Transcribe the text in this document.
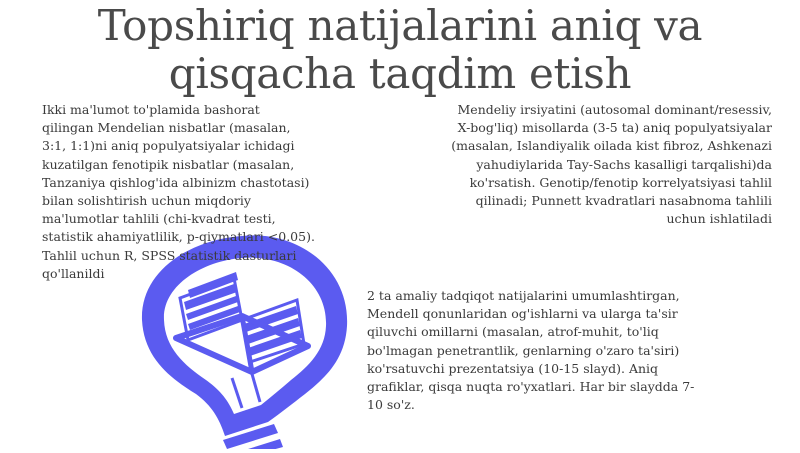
Topshiriq natijalarini aniq va
qisqacha taqdim etish

Ikki ma'lumot to'plamida bashorat
qilingan Mendelian nisbatlar (masalan,
3:1, 1:1)ni aniq populyatsiyalar ichidagi
kuzatilgan fenotipik nisbatlar (masalan,
Tanzaniya qishlog'ida albinizm chastotasi)
bilan solishtirish uchun miqdoriy
ma'lumotlar tahlili (chi-kvadrat testi,
statistik ahamiyatlilik, p-qiymatlari <0.05).
Tahlil uchun R, SPSS statistik dasturlari
qo'llanildi

Mendeliy irsiyatini (autosomal dominant/resessiv,
X-bog'liq) misollarda (3-5 ta) aniq populyatsiyalar
(masalan, Islandiyalik oilada kist fibroz, Ashkenazi
yahudiylarida Tay-Sachs kasalligi tarqalishi)da
ko'rsatish. Genotip/fenotip korrelyatsiyasi tahlil
qilinadi; Punnett kvadratlari nasabnoma tahlili
uchun ishlatiladi

2 ta amaliy tadqiqot natijalarini umumlashtirgan,
Mendell qonunlaridan og'ishlarni va ularga ta'sir
qiluvchi omillarni (masalan, atrof-muhit, to'liq
bo'lmagan penetrantlik, genlarning o'zaro ta'siri)
ko'rsatuvchi prezentatsiya (10-15 slayd). Aniq
grafiklar, qisqa nuqta ro'yxatlari. Har bir slaydda 7-
10 so'z.
